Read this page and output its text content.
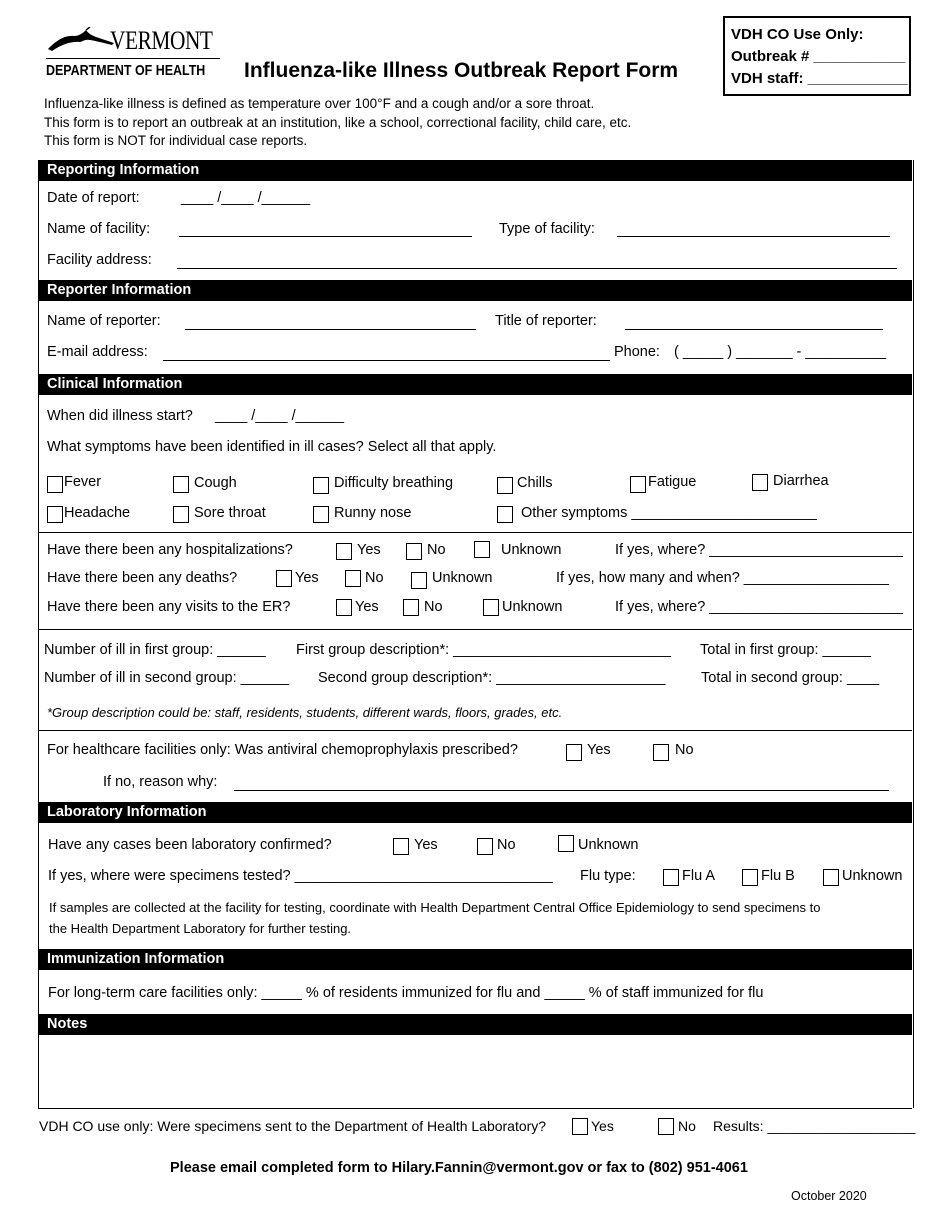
VERMONT
DEPARTMENT OF HEALTH Influenza-like Illness Outbreak Report Form
VDH CO Use Only:
Outbreak # ___________
VDH staff: ____________
Influenza-like illness is defined as temperature over 100°F and a cough and/or a sore throat.
This form is to report an outbreak at an institution, like a school, correctional facility, child care, etc.
This form is NOT for individual case reports.
Reporting Information
Date of report:	____ /____ /______
Name of facility:	Type of facility:
Facility address:
Reporter Information
Name of reporter:	Title of reporter:
E-mail address:	Phone: ( _____ ) _______ - __________
Clinical Information
When did illness start? ____ /____ /______
What symptoms have been identified in ill cases? Select all that apply.
Fever	Cough	Difficulty breathing	Chills	Fatigue	Diarrhea
Headache	Sore throat	Runny nose	Other symptoms _______________________
Have there been any hospitalizations?	Yes	No	Unknown	If yes, where? ________________________
Have there been any deaths?	Yes	No	Unknown	If yes, how many and when? __________________
Have there been any visits to the ER?	Yes	No	Unknown	If yes, where? ________________________
Number of ill in first group: ______ First group description*: ___________________________ Total in first group: ______
Number of ill in second group: ______ Second group description*: _____________________ Total in second group: ____
*Group description could be: staff, residents, students, different wards, floors, grades, etc.
For healthcare facilities only: Was antiviral chemoprophylaxis prescribed?	Yes	No
If no, reason why:
Laboratory Information
Have any cases been laboratory confirmed?	Yes	No	Unknown
If yes, where were specimens tested? ________________________________ Flu type:	Flu A	Flu B	Unknown
If samples are collected at the facility for testing, coordinate with Health Department Central Office Epidemiology to send specimens to
the Health Department Laboratory for further testing.
Immunization Information
For long-term care facilities only: _____ % of residents immunized for flu and _____ % of staff immunized for flu
Notes
VDH CO use only: Were specimens sent to the Department of Health Laboratory?	Yes	No Results: ___________________
Please email completed form to Hilary.Fannin@vermont.gov or fax to (802) 951-4061
October 2020
